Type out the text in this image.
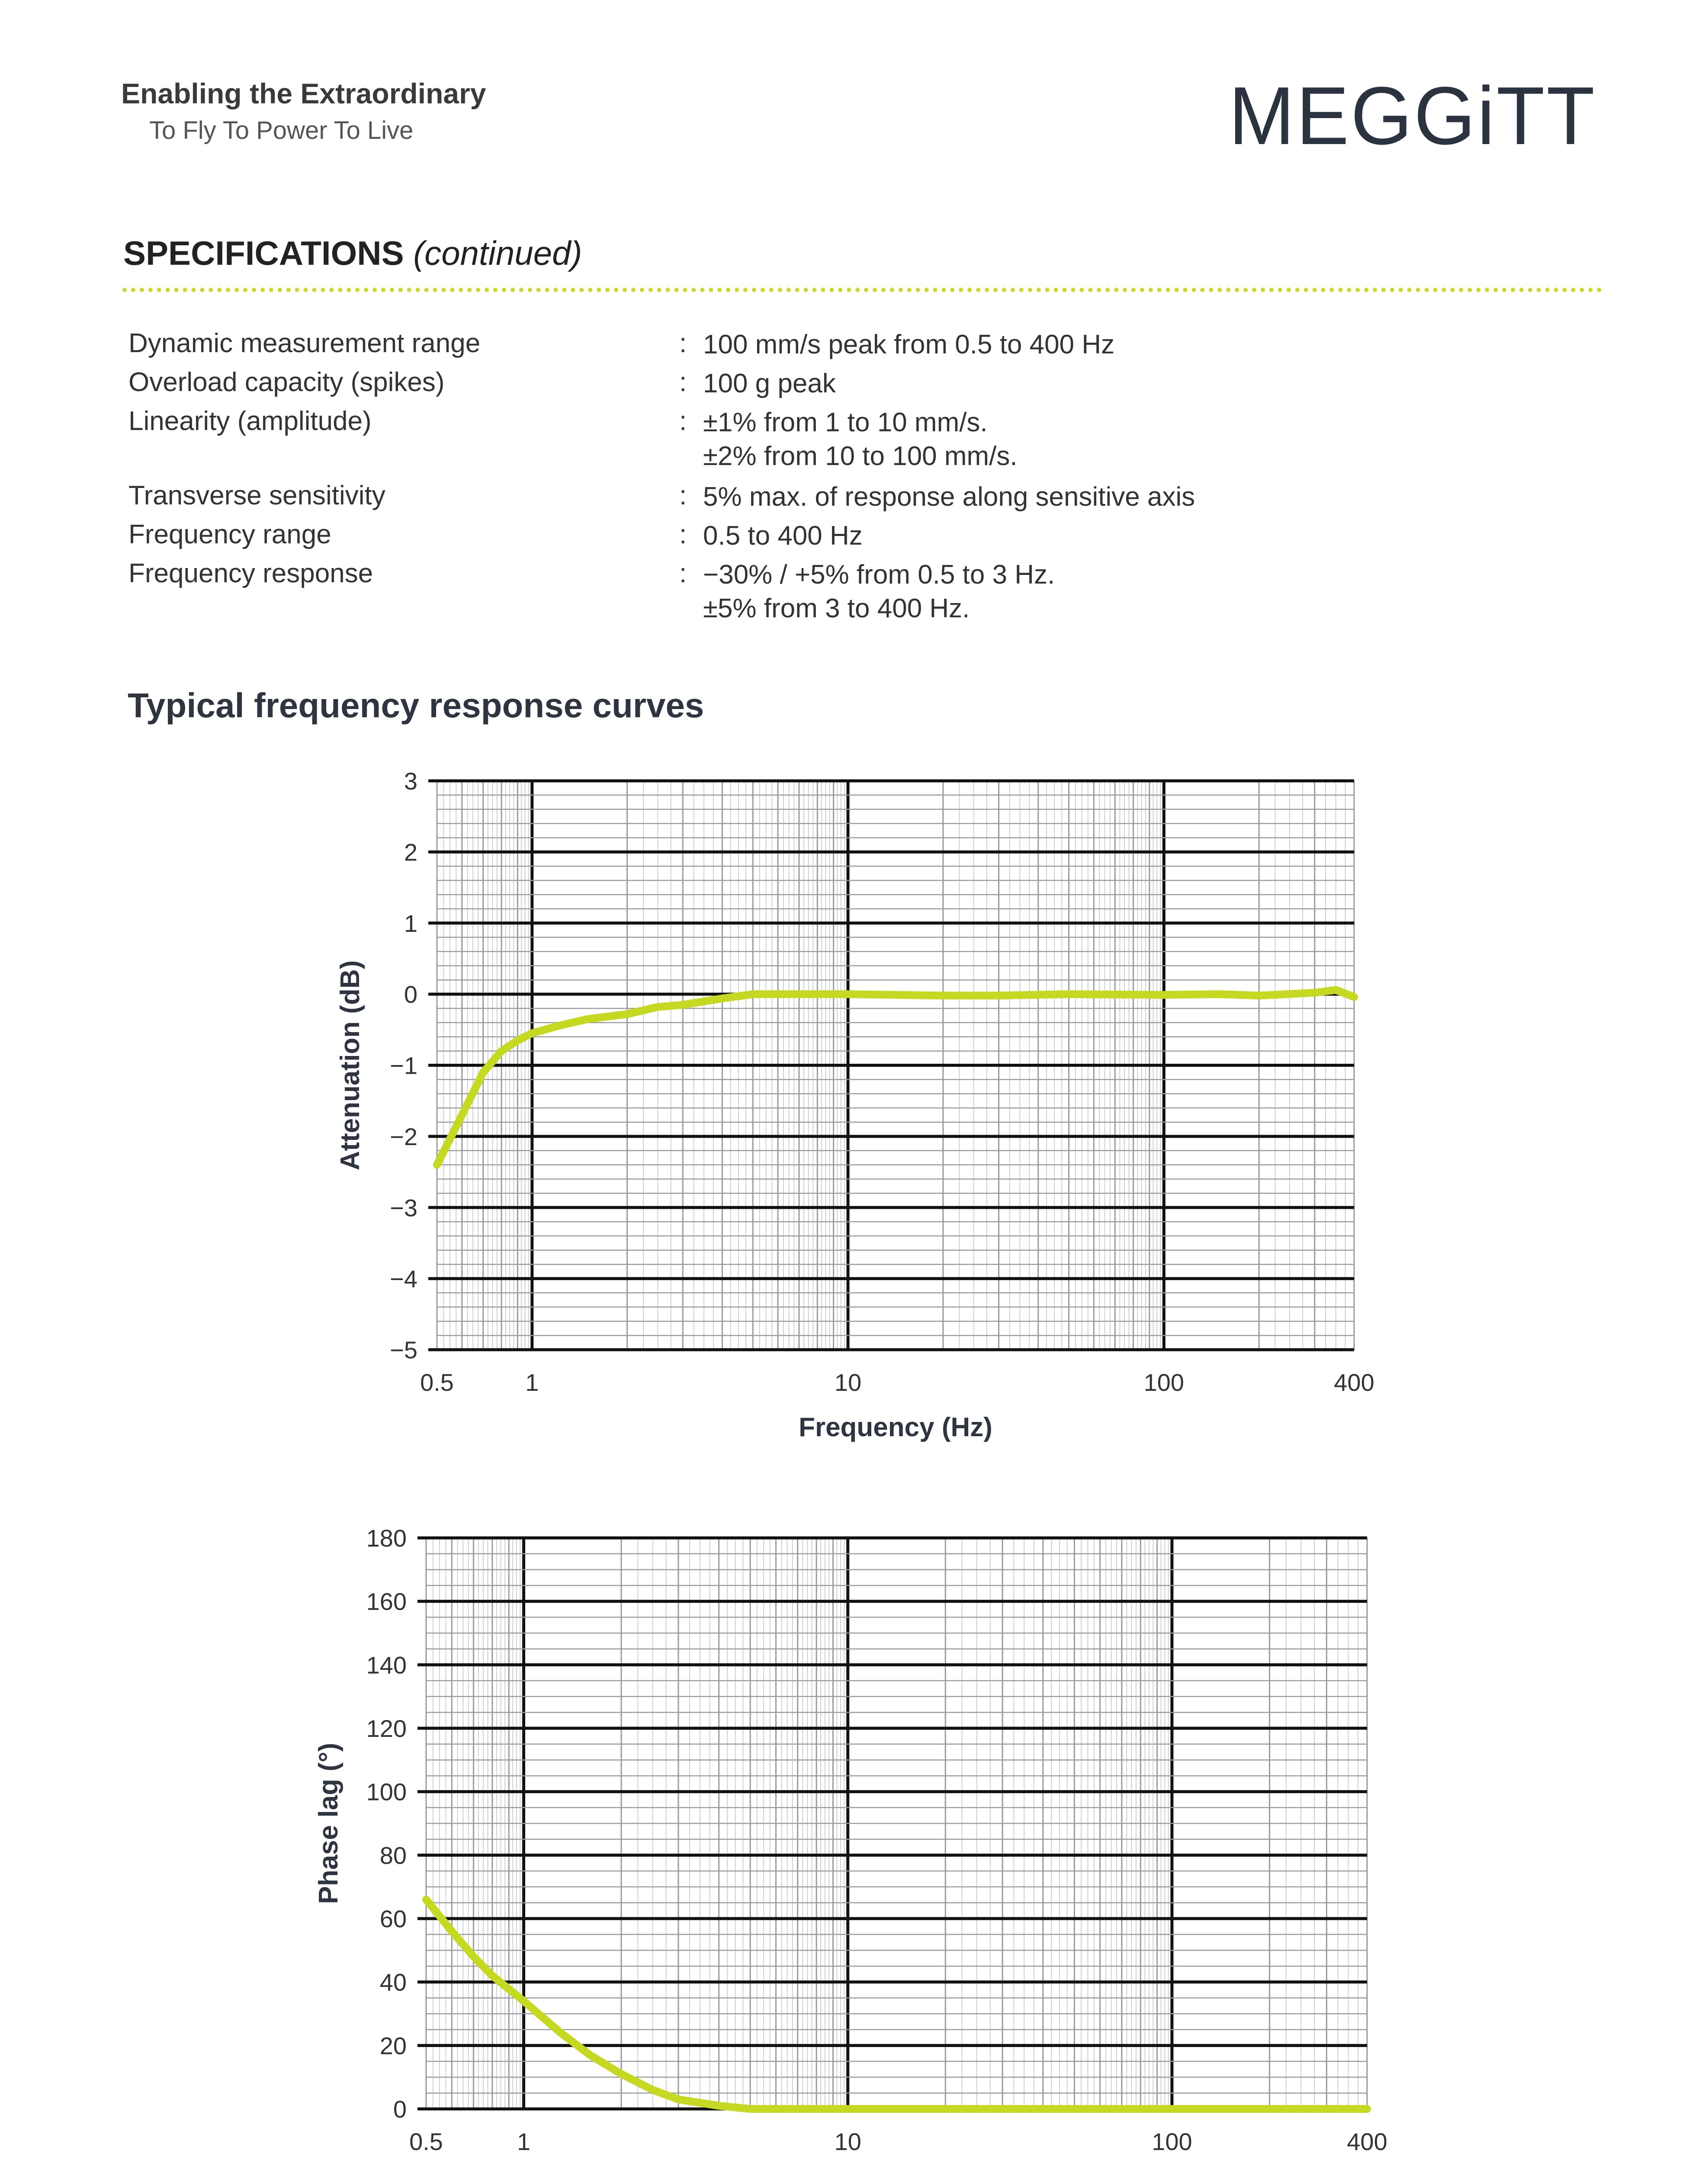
Enabling the Extraordinary
To Fly To Power To Live	MEGGiTT
SPECIFICATIONS (continued)
Dynamic measurement range	: 100 mm/s peak from 0.5 to 400 Hz
Overload capacity (spikes)	: 100 g peak
Linearity (amplitude)	: ±1% from 1 to 10 mm/s.
±2% from 10 to 100 mm/s.
Transverse sensitivity	: 5% max. of response along sensitive axis
Frequency range	: 0.5 to 400 Hz
Frequency response	: −30% / +5% from 0.5 to 3 Hz.
±5% from 3 to 400 Hz.
Typical frequency response curves
3
2
1
0
−1
−2
−3
−4
−5
0.5	1	10	100	400
Frequency (Hz)
Attenuation (dB)
180
160
140
120
100
80
60
40
20
0
0.5	1	10	100	400
Phase lag (°)
